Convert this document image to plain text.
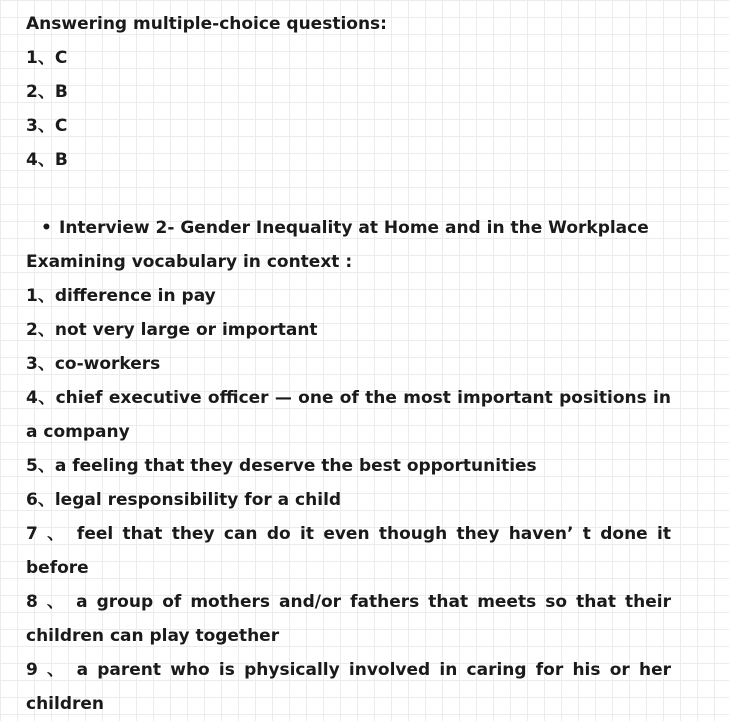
Answering multiple-choice questions:
1、C
2、B
3、C
4、B
• Interview 2- Gender Inequality at Home and in the Workplace
Examining vocabulary in context :
1、difference in pay
2、not very large or important
3、co-workers
4、chief executive officer — one of the most important positions in
a company
5、a feeling that they deserve the best opportunities
6、legal responsibility for a child
7 、 feel that they can do it even though they haven’ t done it
before
8 、 a group of mothers and/or fathers that meets so that their
children can play together
9 、 a parent who is physically involved in caring for his or her
children
